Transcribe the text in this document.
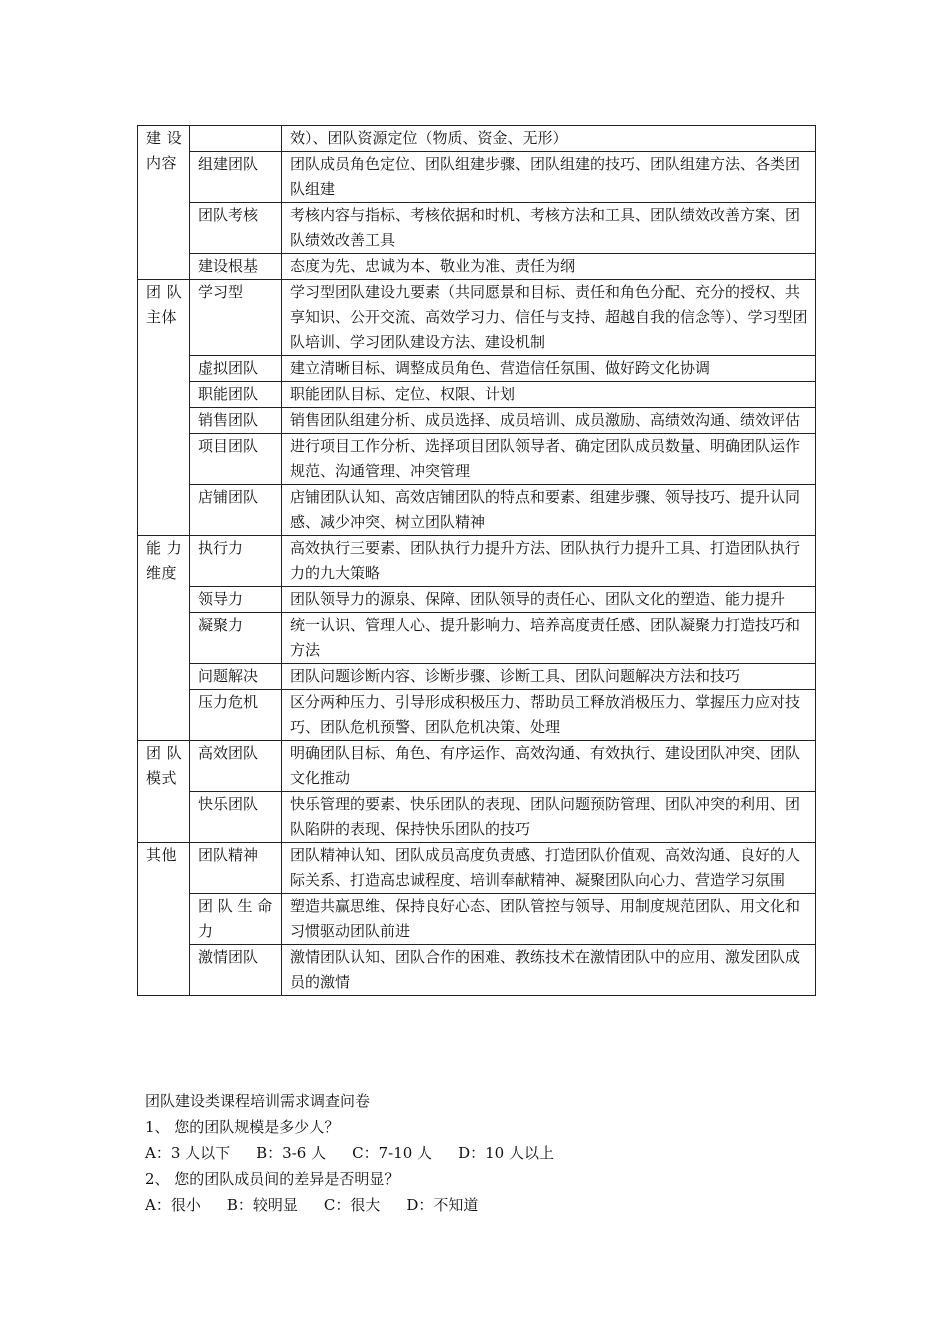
建 设 内容		效）、团队资源定位（物质、资金、无形）
	组建团队	团队成员角色定位、团队组建步骤、团队组建的技巧、团队组建方法、各类团队组建
	团队考核	考核内容与指标、考核依据和时机、考核方法和工具、团队绩效改善方案、团队绩效改善工具
	建设根基	态度为先、忠诚为本、敬业为准、责任为纲
团 队 主体	学习型	学习型团队建设九要素（共同愿景和目标、责任和角色分配、充分的授权、共享知识、公开交流、高效学习力、信任与支持、超越自我的信念等）、学习型团队培训、学习团队建设方法、建设机制
	虚拟团队	建立清晰目标、调整成员角色、营造信任氛围、做好跨文化协调
	职能团队	职能团队目标、定位、权限、计划
	销售团队	销售团队组建分析、成员选择、成员培训、成员激励、高绩效沟通、绩效评估
	项目团队	进行项目工作分析、选择项目团队领导者、确定团队成员数量、明确团队运作规范、沟通管理、冲突管理
	店铺团队	店铺团队认知、高效店铺团队的特点和要素、组建步骤、领导技巧、提升认同感、减少冲突、树立团队精神
能 力 维度	执行力	高效执行三要素、团队执行力提升方法、团队执行力提升工具、打造团队执行力的九大策略
	领导力	团队领导力的源泉、保障、团队领导的责任心、团队文化的塑造、能力提升
	凝聚力	统一认识、管理人心、提升影响力、培养高度责任感、团队凝聚力打造技巧和方法
	问题解决	团队问题诊断内容、诊断步骤、诊断工具、团队问题解决方法和技巧
	压力危机	区分两种压力、引导形成积极压力、帮助员工释放消极压力、掌握压力应对技巧、团队危机预警、团队危机决策、处理
团 队 模式	高效团队	明确团队目标、角色、有序运作、高效沟通、有效执行、建设团队冲突、团队文化推动
	快乐团队	快乐管理的要素、快乐团队的表现、团队问题预防管理、团队冲突的利用、团队陷阱的表现、保持快乐团队的技巧
其他	团队精神	团队精神认知、团队成员高度负责感、打造团队价值观、高效沟通、良好的人际关系、打造高忠诚程度、培训奉献精神、凝聚团队向心力、营造学习氛围
	团 队 生 命力	塑造共赢思维、保持良好心态、团队管控与领导、用制度规范团队、用文化和习惯驱动团队前进
	激情团队	激情团队认知、团队合作的困难、教练技术在激情团队中的应用、激发团队成员的激情

团队建设类课程培训需求调查问卷

1、 您的团队规模是多少人？

A：3 人以下 B：3-6 人 C：7-10 人 D：10 人以上

2、 您的团队成员间的差异是否明显？

A：很小 B：较明显 C：很大 D：不知道
